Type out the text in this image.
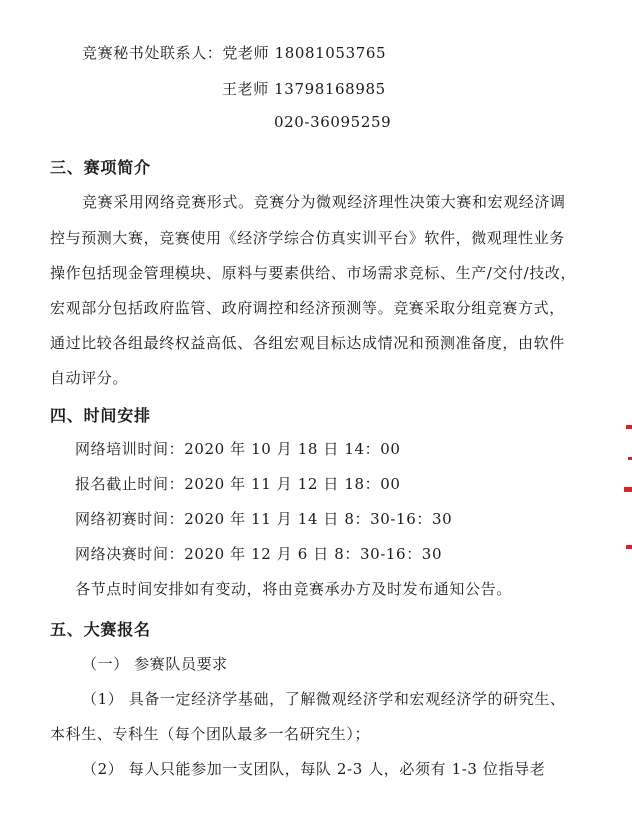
竞赛秘书处联系人：党老师 18081053765
王老师 13798168985
020-36095259
三、赛项简介
竞赛采用网络竞赛形式。竞赛分为微观经济理性决策大赛和宏观经济调
控与预测大赛，竞赛使用《经济学综合仿真实训平台》软件，微观理性业务
操作包括现金管理模块、原料与要素供给、市场需求竞标、生产/交付/技改，
宏观部分包括政府监管、政府调控和经济预测等。竞赛采取分组竞赛方式，
通过比较各组最终权益高低、各组宏观目标达成情况和预测准备度，由软件
自动评分。
四、时间安排
网络培训时间：2020 年 10 月 18 日 14：00
报名截止时间：2020 年 11 月 12 日 18：00
网络初赛时间：2020 年 11 月 14 日 8：30-16：30
网络决赛时间：2020 年 12 月 6 日 8：30-16：30
各节点时间安排如有变动，将由竞赛承办方及时发布通知公告。
五、大赛报名
（一） 参赛队员要求
（1） 具备一定经济学基础，了解微观经济学和宏观经济学的研究生、
本科生、专科生（每个团队最多一名研究生）；
（2） 每人只能参加一支团队，每队 2-3 人，必须有 1-3 位指导老
